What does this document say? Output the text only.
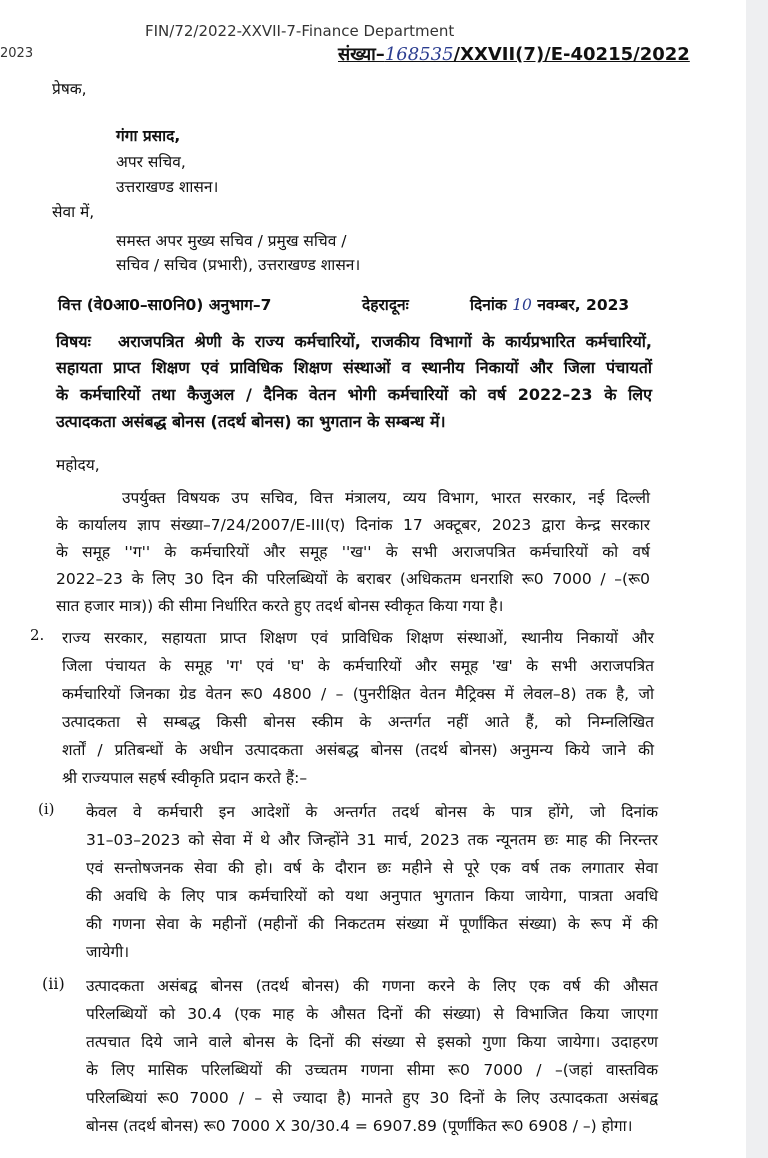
FIN/72/2022-XXVII-7-Finance Department
2023	संख्या–168535/XXVII(7)/E-40215/2022
प्रेषक,
गंगा प्रसाद,
अपर सचिव,
उत्तराखण्ड शासन।
सेवा में,
समस्त अपर मुख्य सचिव / प्रमुख सचिव /
सचिव / सचिव (प्रभारी), उत्तराखण्ड शासन।
वित्त (वे0आ0–सा0नि0) अनुभाग–7	देहरादूनः	दिनांक 10 नवम्बर, 2023
विषयः अराजपत्रित श्रेणी के राज्य कर्मचारियों, राजकीय विभागों के कार्यप्रभारित कर्मचारियों,
सहायता प्राप्त शिक्षण एवं प्राविधिक शिक्षण संस्थाओं व स्थानीय निकायों और जिला पंचायतों
के कर्मचारियों तथा कैजुअल / दैनिक वेतन भोगी कर्मचारियों को वर्ष 2022–23 के लिए
उत्पादकता असंबद्ध बोनस (तदर्थ बोनस) का भुगतान के सम्बन्ध में।
महोदय,
उपर्युक्त विषयक उप सचिव, वित्त मंत्रालय, व्यय विभाग, भारत सरकार, नई दिल्ली
के कार्यालय ज्ञाप संख्या–7/24/2007/E-III(ए) दिनांक 17 अक्टूबर, 2023 द्वारा केन्द्र सरकार
के समूह ''ग'' के कर्मचारियों और समूह ''ख'' के सभी अराजपत्रित कर्मचारियों को वर्ष
2022–23 के लिए 30 दिन की परिलब्धियों के बराबर (अधिकतम धनराशि रू0 7000 / –(रू0
सात हजार मात्र)) की सीमा निर्धारित करते हुए तदर्थ बोनस स्वीकृत किया गया है।
2. राज्य सरकार, सहायता प्राप्त शिक्षण एवं प्राविधिक शिक्षण संस्थाओं, स्थानीय निकायों और
जिला पंचायत के समूह 'ग' एवं 'घ' के कर्मचारियों और समूह 'ख' के सभी अराजपत्रित
कर्मचारियों जिनका ग्रेड वेतन रू0 4800 / – (पुनरीक्षित वेतन मैट्रिक्स में लेवल–8) तक है, जो
उत्पादकता से सम्बद्ध किसी बोनस स्कीम के अन्तर्गत नहीं आते हैं, को निम्नलिखित
शर्तों / प्रतिबन्धों के अधीन उत्पादकता असंबद्ध बोनस (तदर्थ बोनस) अनुमन्य किये जाने की
श्री राज्यपाल सहर्ष स्वीकृति प्रदान करते हैं:–
(i) केवल वे कर्मचारी इन आदेशों के अन्तर्गत तदर्थ बोनस के पात्र होंगे, जो दिनांक
31–03–2023 को सेवा में थे और जिन्होंने 31 मार्च, 2023 तक न्यूनतम छः माह की निरन्तर
एवं सन्तोषजनक सेवा की हो। वर्ष के दौरान छः महीने से पूरे एक वर्ष तक लगातार सेवा
की अवधि के लिए पात्र कर्मचारियों को यथा अनुपात भुगतान किया जायेगा, पात्रता अवधि
की गणना सेवा के महीनों (महीनों की निकटतम संख्या में पूर्णांकित संख्या) के रूप में की
जायेगी।
(ii) उत्पादकता असंबद्व बोनस (तदर्थ बोनस) की गणना करने के लिए एक वर्ष की औसत
परिलब्धियों को 30.4 (एक माह के औसत दिनों की संख्या) से विभाजित किया जाएगा
तत्पचात दिये जाने वाले बोनस के दिनों की संख्या से इसको गुणा किया जायेगा। उदाहरण
के लिए मासिक परिलब्धियों की उच्चतम गणना सीमा रू0 7000 / –(जहां वास्तविक
परिलब्धियां रू0 7000 / – से ज्यादा है) मानते हुए 30 दिनों के लिए उत्पादकता असंबद्व
बोनस (तदर्थ बोनस) रू0 7000 X 30/30.4 = 6907.89 (पूर्णांकित रू0 6908 / –) होगा।
